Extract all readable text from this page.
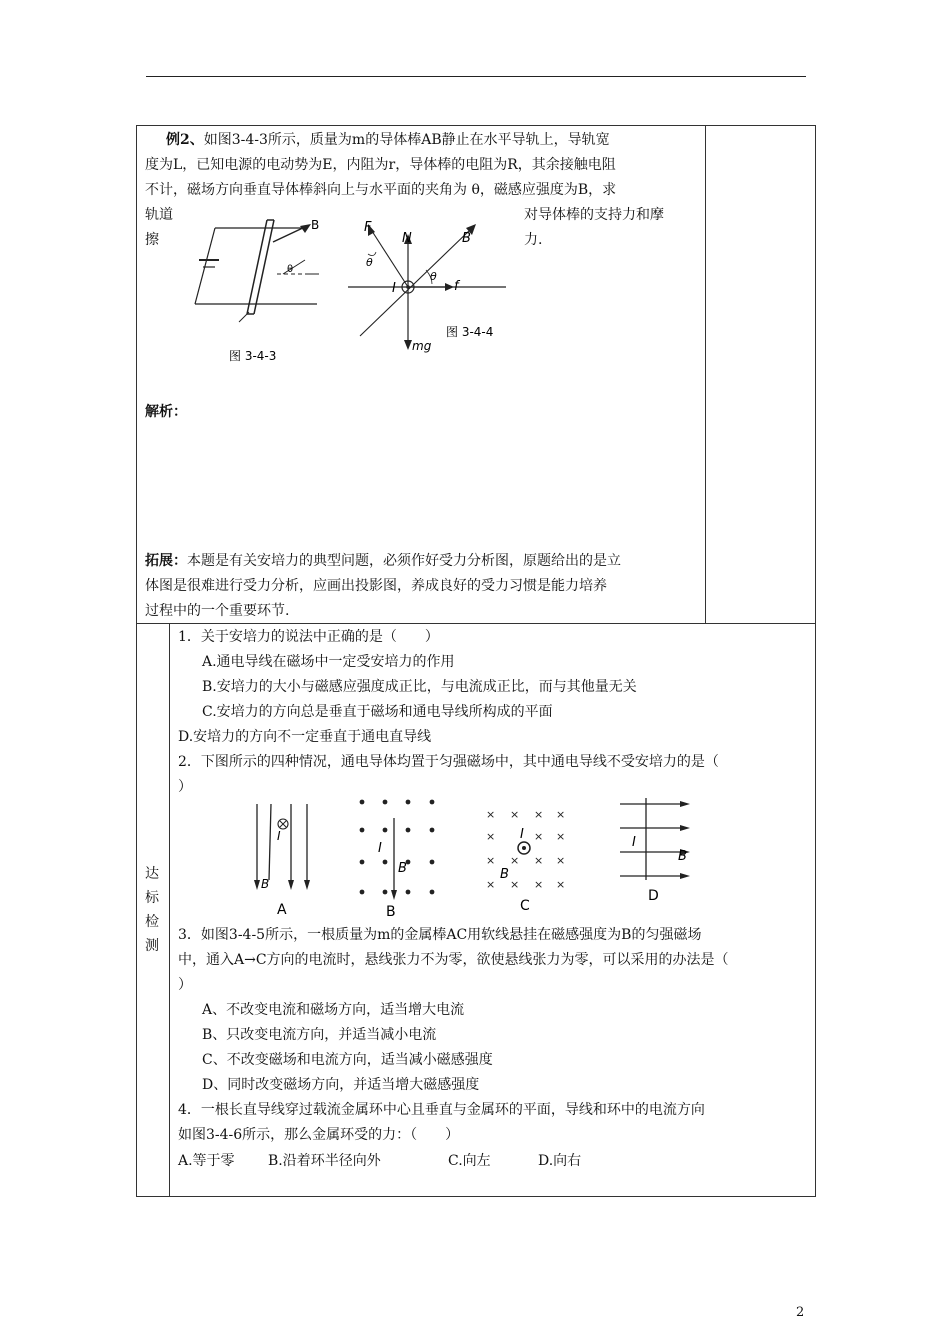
例2、如图3-4-3所示，质量为m的导体棒AB静止在水平导轨上，导轨宽
度为L，已知电源的电动势为E，内阻为r，导体棒的电阻为R，其余接触电阻
不计，磁场方向垂直导体棒斜向上与水平面的夹角为 θ，磁感应强度为B，求
轨道	对导体棒的支持力和摩
擦	力.
B
θ
图 3-4-3
F
N	B
θ
θ
I	f
mg
图 3-4-4
解析：
拓展：本题是有关安培力的典型问题，必须作好受力分析图，原题给出的是立
体图是很难进行受力分析，应画出投影图，养成良好的受力习惯是能力培养
过程中的一个重要环节.
达
标
检
测
1．关于安培力的说法中正确的是（　　）
A.通电导线在磁场中一定受安培力的作用
B.安培力的大小与磁感应强度成正比，与电流成正比，而与其他量无关
C.安培力的方向总是垂直于磁场和通电导线所构成的平面
D.安培力的方向不一定垂直于通电直导线
2．下图所示的四种情况，通电导体均置于匀强磁场中，其中通电导线不受安培力的是（
）
I
B
A
I
B
B
× × × ×
×	× ×
× × × ×
× × × ×
I
B
C
I
B
D
3．如图3-4-5所示，一根质量为m的金属棒AC用软线悬挂在磁感强度为B的匀强磁场
中，通入A→C方向的电流时，悬线张力不为零，欲使悬线张力为零，可以采用的办法是（
）
A、不改变电流和磁场方向，适当增大电流
B、只改变电流方向，并适当减小电流
C、不改变磁场和电流方向，适当减小磁感强度
D、同时改变磁场方向，并适当增大磁感强度
4．一根长直导线穿过载流金属环中心且垂直与金属环的平面，导线和环中的电流方向
如图3-4-6所示，那么金属环受的力：（　　）
A.等于零 B.沿着环半径向外	C.向左	D.向右
2
